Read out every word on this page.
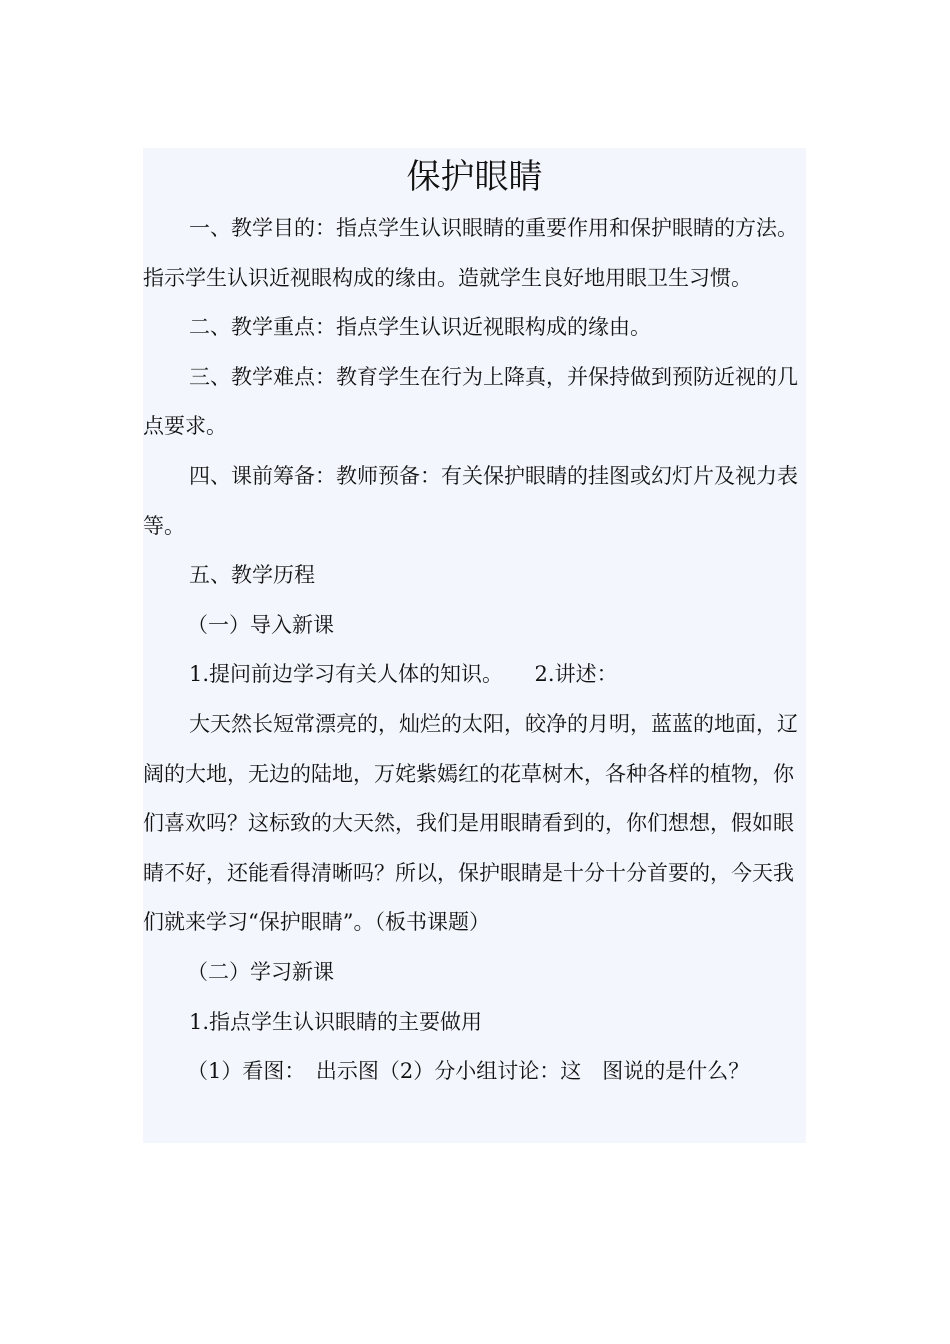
保护眼睛

一、教学目的：指点学生认识眼睛的重要作用和保护眼睛的方法。指示学生认识近视眼构成的缘由。造就学生良好地用眼卫生习惯。

二、教学重点：指点学生认识近视眼构成的缘由。

三、教学难点：教育学生在行为上降真，并保持做到预防近视的几点要求。

四、课前筹备：教师预备：有关保护眼睛的挂图或幻灯片及视力表等。

五、教学历程

（一）导入新课

1.提问前边学习有关人体的知识。　　2.讲述：

大天然长短常漂亮的，灿烂的太阳，皎净的月明，蓝蓝的地面，辽阔的大地，无边的陆地，万姹紫嫣红的花草树木，各种各样的植物，你们喜欢吗？这标致的大天然，我们是用眼睛看到的，你们想想，假如眼睛不好，还能看得清晰吗？所以，保护眼睛是十分十分首要的，今天我们就来学习“保护眼睛”。（板书课题）

（二）学习新课

1.指点学生认识眼睛的主要做用

（1）看图：　出示图（2）分小组讨论：这　图说的是什么？
